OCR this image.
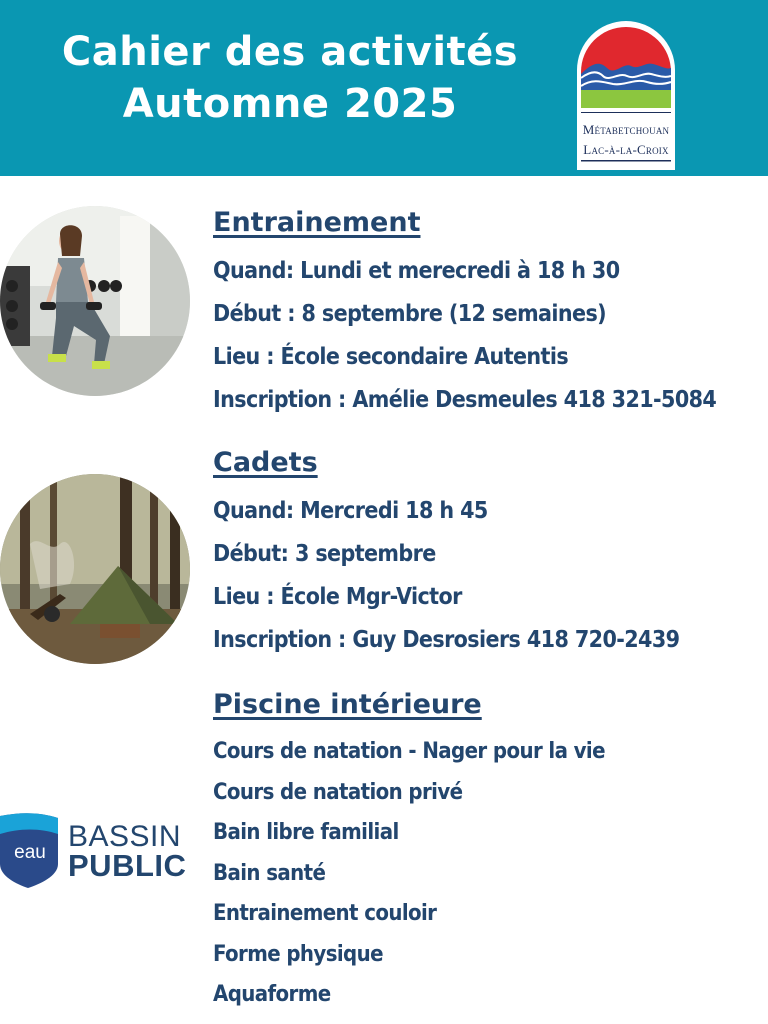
Cahier des activités
Automne 2025
Métabetchouan
Lac-à-la-Croix
Entrainement
Quand: Lundi et merecredi à 18 h 30
Début : 8 septembre (12 semaines)
Lieu : École secondaire Autentis
Inscription : Amélie Desmeules 418 321-5084
Cadets
Quand: Mercredi 18 h 45
Début: 3 septembre
Lieu : École Mgr-Victor
Inscription : Guy Desrosiers 418 720-2439
Piscine intérieure
Cours de natation - Nager pour la vie
Cours de natation privé
Bain libre familial
Bain santé
Entrainement couloir
Forme physique
Aquaforme
eau BASSIN
PUBLIC
